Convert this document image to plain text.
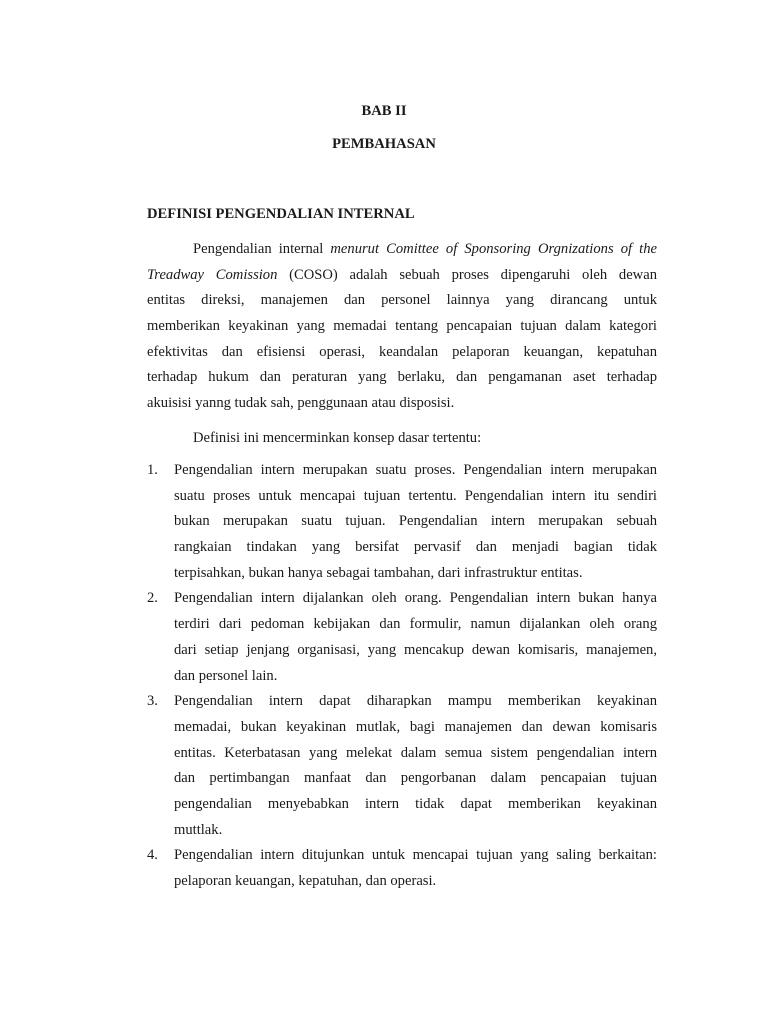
BAB II
PEMBAHASAN
DEFINISI PENGENDALIAN INTERNAL
Pengendalian internal menurut Comittee of Sponsoring Orgnizations of the
Treadway Comission (COSO) adalah sebuah proses dipengaruhi oleh dewan
entitas direksi, manajemen dan personel lainnya yang dirancang untuk
memberikan keyakinan yang memadai tentang pencapaian tujuan dalam kategori
efektivitas dan efisiensi operasi, keandalan pelaporan keuangan, kepatuhan
terhadap hukum dan peraturan yang berlaku, dan pengamanan aset terhadap
akuisisi yanng tudak sah, penggunaan atau disposisi.
Definisi ini mencerminkan konsep dasar tertentu:
1. Pengendalian intern merupakan suatu proses. Pengendalian intern merupakan
suatu proses untuk mencapai tujuan tertentu. Pengendalian intern itu sendiri
bukan merupakan suatu tujuan. Pengendalian intern merupakan sebuah
rangkaian tindakan yang bersifat pervasif dan menjadi bagian tidak
terpisahkan, bukan hanya sebagai tambahan, dari infrastruktur entitas.
2. Pengendalian intern dijalankan oleh orang. Pengendalian intern bukan hanya
terdiri dari pedoman kebijakan dan formulir, namun dijalankan oleh orang
dari setiap jenjang organisasi, yang mencakup dewan komisaris, manajemen,
dan personel lain.
3. Pengendalian intern dapat diharapkan mampu memberikan keyakinan
memadai, bukan keyakinan mutlak, bagi manajemen dan dewan komisaris
entitas. Keterbatasan yang melekat dalam semua sistem pengendalian intern
dan pertimbangan manfaat dan pengorbanan dalam pencapaian tujuan
pengendalian menyebabkan intern tidak dapat memberikan keyakinan
muttlak.
4. Pengendalian intern ditujunkan untuk mencapai tujuan yang saling berkaitan:
pelaporan keuangan, kepatuhan, dan operasi.
